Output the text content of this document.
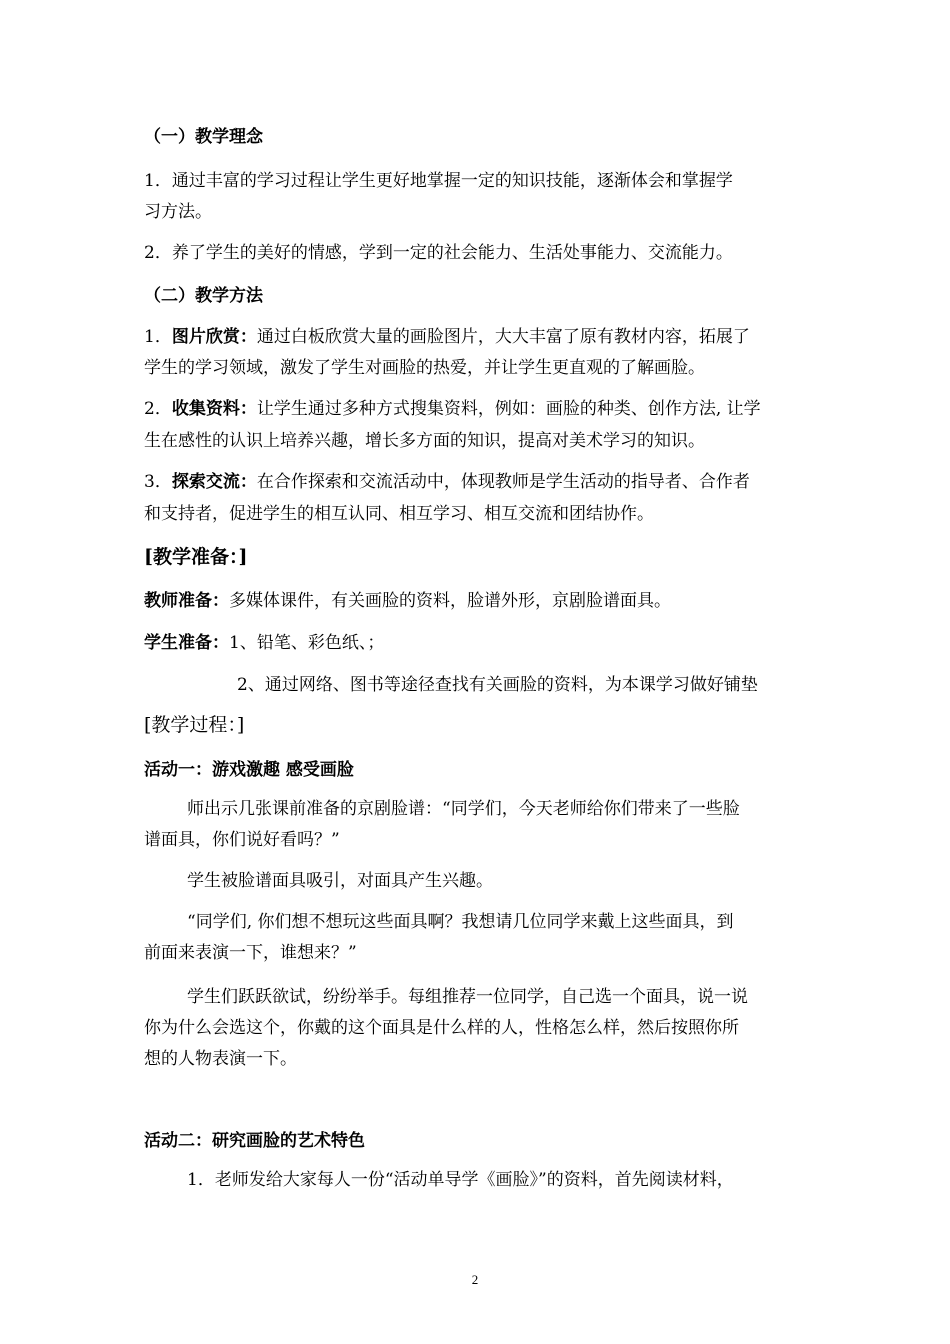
（一）教学理念
1．通过丰富的学习过程让学生更好地掌握一定的知识技能，逐渐体会和掌握学
习方法。
2．养了学生的美好的情感，学到一定的社会能力、生活处事能力、交流能力。
（二）教学方法
1．图片欣赏：通过白板欣赏大量的画脸图片，大大丰富了原有教材内容，拓展了
学生的学习领域，激发了学生对画脸的热爱，并让学生更直观的了解画脸。
2．收集资料：让学生通过多种方式搜集资料，例如：画脸的种类、创作方法, 让学
生在感性的认识上培养兴趣，增长多方面的知识，提高对美术学习的知识。
3．探索交流：在合作探索和交流活动中，体现教师是学生活动的指导者、合作者
和支持者，促进学生的相互认同、相互学习、相互交流和团结协作。
[教学准备：]
教师准备：多媒体课件，有关画脸的资料，脸谱外形，京剧脸谱面具。
学生准备：1、铅笔、彩色纸、；
2、通过网络、图书等途径查找有关画脸的资料，为本课学习做好铺垫
[教学过程：]
活动一：游戏激趣 感受画脸
师出示几张课前准备的京剧脸谱：“同学们，今天老师给你们带来了一些脸
谱面具，你们说好看吗？”
学生被脸谱面具吸引，对面具产生兴趣。
“同学们, 你们想不想玩这些面具啊？我想请几位同学来戴上这些面具，到
前面来表演一下，谁想来？”
学生们跃跃欲试，纷纷举手。每组推荐一位同学，自己选一个面具，说一说
你为什么会选这个，你戴的这个面具是什么样的人，性格怎么样，然后按照你所
想的人物表演一下。
活动二：研究画脸的艺术特色
1．老师发给大家每人一份“活动单导学《画脸》”的资料，首先阅读材料，
2
